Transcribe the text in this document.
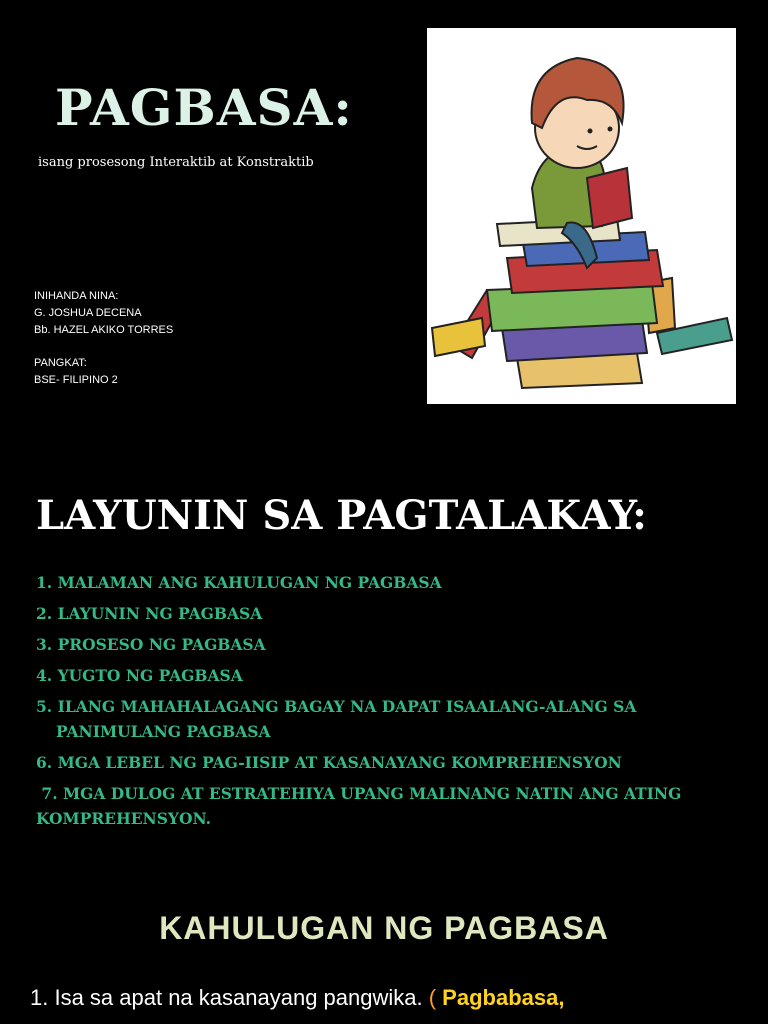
PAGBASA:
isang prosesong Interaktib at Konstraktib
INIHANDA NINA:
G. JOSHUA DECENA
Bb. HAZEL AKIKO TORRES
PANGKAT:
BSE- FILIPINO 2
LAYUNIN SA PAGTALAKAY:
1. MALAMAN ANG KAHULUGAN NG PAGBASA
2. LAYUNIN NG PAGBASA
3. PROSESO NG PAGBASA
4. YUGTO NG PAGBASA
5. ILANG MAHAHALAGANG BAGAY NA DAPAT ISAALANG-ALANG SA PANIMULANG PAGBASA
6. MGA LEBEL NG PAG-IISIP AT KASANAYANG KOMPREHENSYON
7. MGA DULOG AT ESTRATEHIYA UPANG MALINANG NATIN ANG ATING KOMPREHENSYON.
KAHULUGAN NG PAGBASA
1. Isa sa apat na kasanayang pangwika. ( Pagbabasa,
